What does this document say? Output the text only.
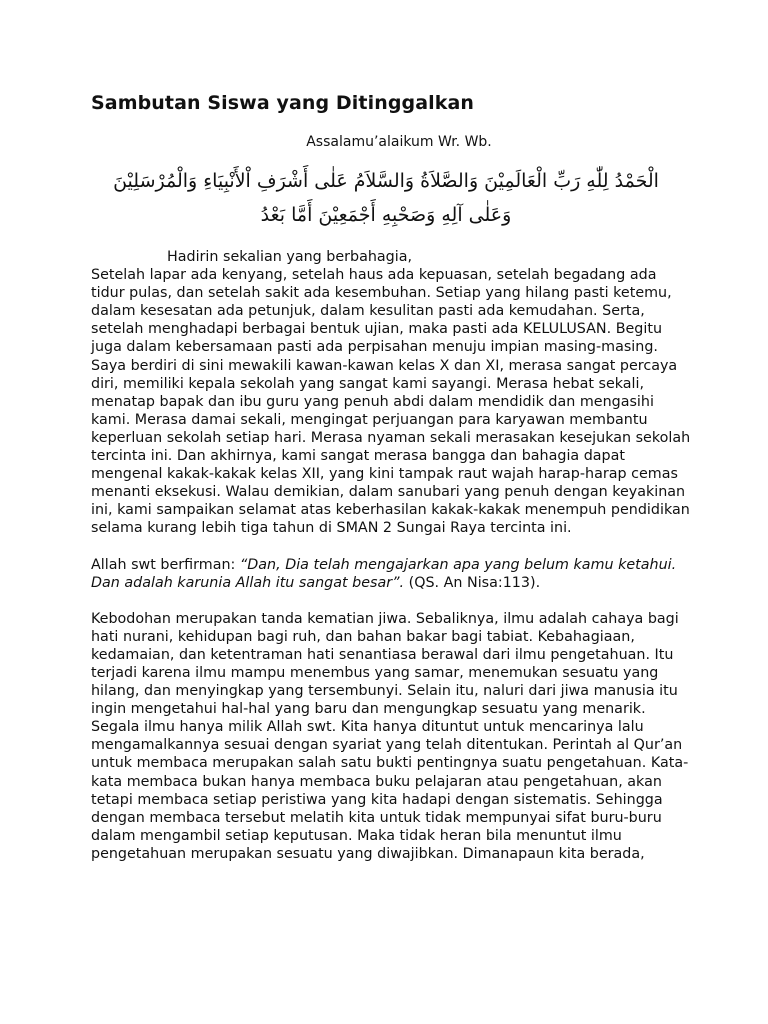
Sambutan Siswa yang Ditinggalkan
Assalamu’alaikum Wr. Wb.
الْحَمْدُ لِلّٰهِ رَبِّ الْعَالَمِيْنَ وَالصَّلاَةُ وَالسَّلاَمُ عَلٰى أَشْرَفِ اْلأَنْبِيَاءِ وَالْمُرْسَلِيْنَ وَعَلٰى آلِهِ وَصَحْبِهِ أَجْمَعِيْنَ أَمَّا بَعْدُ

Hadirin sekalian yang berbahagia,

Setelah lapar ada kenyang, setelah haus ada kepuasan, setelah begadang ada tidur pulas, dan setelah sakit ada kesembuhan. Setiap yang hilang pasti ketemu, dalam kesesatan ada petunjuk, dalam kesulitan pasti ada kemudahan. Serta, setelah menghadapi berbagai bentuk ujian, maka pasti ada KELULUSAN. Begitu juga dalam kebersamaan pasti ada perpisahan menuju impian masing-masing.

Saya berdiri di sini mewakili kawan-kawan kelas X dan XI, merasa sangat percaya diri, memiliki kepala sekolah yang sangat kami sayangi. Merasa hebat sekali, menatap bapak dan ibu guru yang penuh abdi dalam mendidik dan mengasihi kami. Merasa damai sekali, mengingat perjuangan para karyawan membantu keperluan sekolah setiap hari. Merasa nyaman sekali merasakan kesejukan sekolah tercinta ini. Dan akhirnya, kami sangat merasa bangga dan bahagia dapat mengenal kakak-kakak kelas XII, yang kini tampak raut wajah harap-harap cemas menanti eksekusi. Walau demikian, dalam sanubari yang penuh dengan keyakinan ini, kami sampaikan selamat atas keberhasilan kakak-kakak menempuh pendidikan selama kurang lebih tiga tahun di SMAN 2 Sungai Raya tercinta ini.

Allah swt berfirman: “Dan, Dia telah mengajarkan apa yang belum kamu ketahui. Dan adalah karunia Allah itu sangat besar”. (QS. An Nisa:113).

Kebodohan merupakan tanda kematian jiwa. Sebaliknya, ilmu adalah cahaya bagi hati nurani, kehidupan bagi ruh, dan bahan bakar bagi tabiat. Kebahagiaan, kedamaian, dan ketentraman hati senantiasa berawal dari ilmu pengetahuan. Itu terjadi karena ilmu mampu menembus yang samar, menemukan sesuatu yang hilang, dan menyingkap yang tersembunyi. Selain itu, naluri dari jiwa manusia itu ingin mengetahui hal-hal yang baru dan mengungkap sesuatu yang menarik. Segala ilmu hanya milik Allah swt. Kita hanya dituntut untuk mencarinya lalu mengamalkannya sesuai dengan syariat yang telah ditentukan. Perintah al Qur’an untuk membaca merupakan salah satu bukti pentingnya suatu pengetahuan. Kata-kata membaca bukan hanya membaca buku pelajaran atau pengetahuan, akan tetapi membaca setiap peristiwa yang kita hadapi dengan sistematis. Sehingga dengan membaca tersebut melatih kita untuk tidak mempunyai sifat buru-buru dalam mengambil setiap keputusan. Maka tidak heran bila menuntut ilmu pengetahuan merupakan sesuatu yang diwajibkan. Dimanapaun kita berada,
